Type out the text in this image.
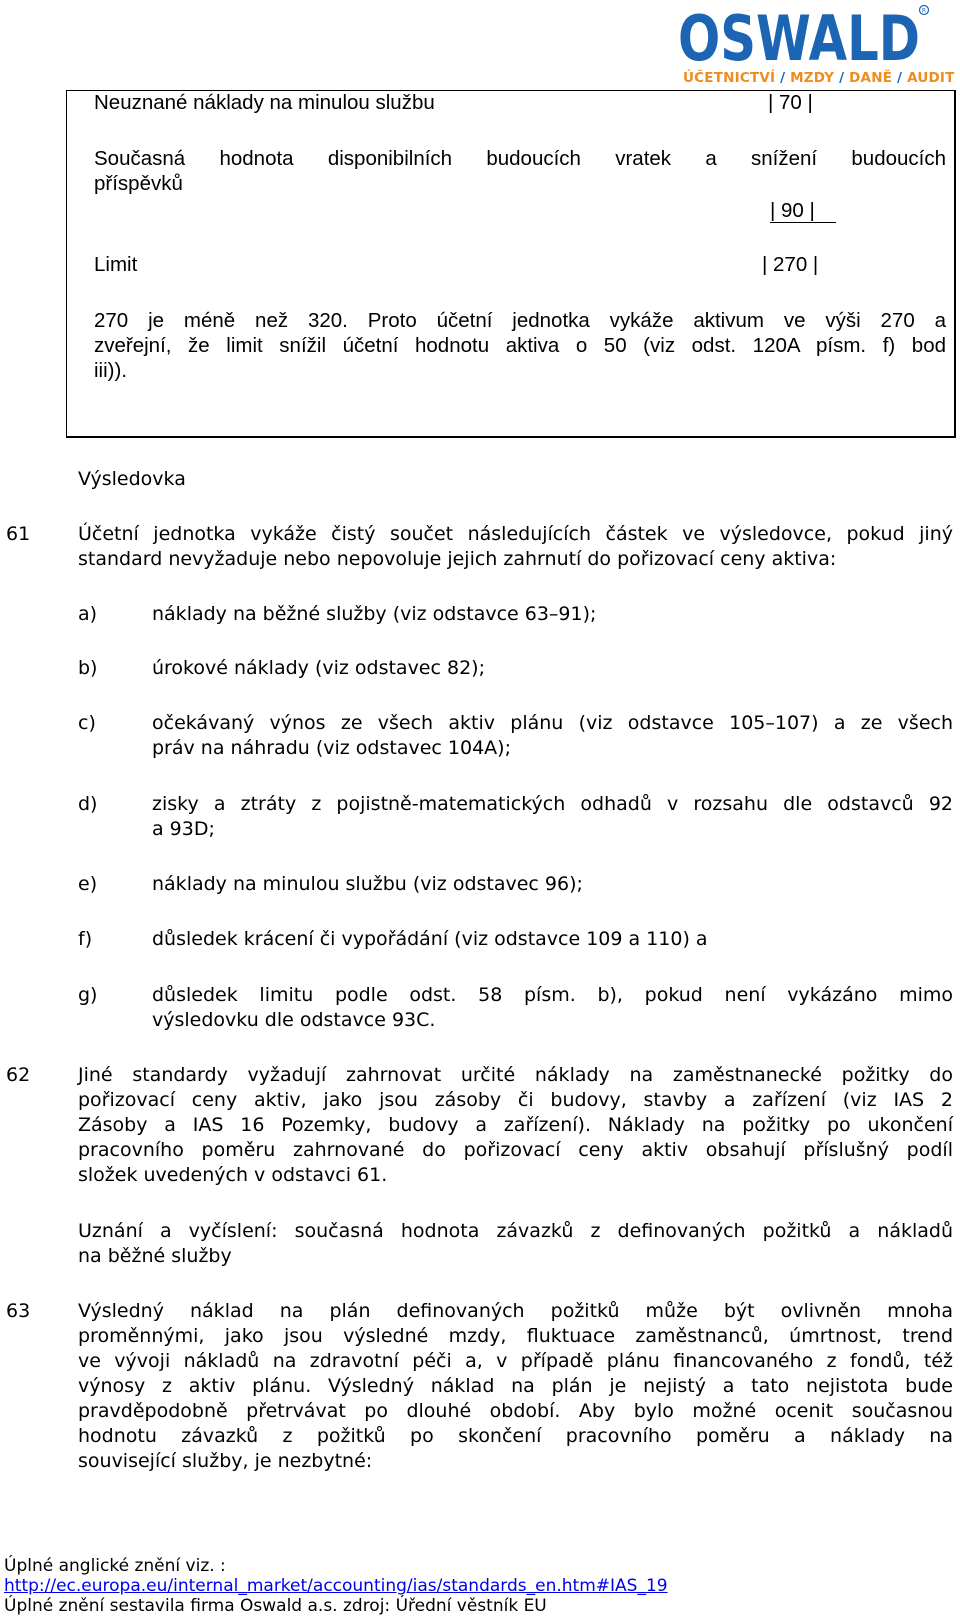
OSWALD R
ÚČETNICTVÍ / MZDY / DANĚ / AUDIT
Neuznané náklady na minulou službu	| 70 |
Současná hodnota disponibilních budoucích vratek a snížení budoucích
příspěvků
| 90 |
Limit	| 270 |
270 je méně než 320. Proto účetní jednotka vykáže aktivum ve výši 270 a
zveřejní, že limit snížil účetní hodnotu aktiva o 50 (viz odst. 120A písm. f) bod
iii)).
Výsledovka
61	Účetní jednotka vykáže čistý součet následujících částek ve výsledovce, pokud jiný
standard nevyžaduje nebo nepovoluje jejich zahrnutí do pořizovací ceny aktiva:
a)	náklady na běžné služby (viz odstavce 63–91);
b)	úrokové náklady (viz odstavec 82);
c)	očekávaný výnos ze všech aktiv plánu (viz odstavce 105–107) a ze všech
práv na náhradu (viz odstavec 104A);
d)	zisky a ztráty z pojistně-matematických odhadů v rozsahu dle odstavců 92
a 93D;
e)	náklady na minulou službu (viz odstavec 96);
f)	důsledek krácení či vypořádání (viz odstavce 109 a 110) a
g)	důsledek limitu podle odst. 58 písm. b), pokud není vykázáno mimo
výsledovku dle odstavce 93C.
62	Jiné standardy vyžadují zahrnovat určité náklady na zaměstnanecké požitky do
pořizovací ceny aktiv, jako jsou zásoby či budovy, stavby a zařízení (viz IAS 2
Zásoby a IAS 16 Pozemky, budovy a zařízení). Náklady na požitky po ukončení
pracovního poměru zahrnované do pořizovací ceny aktiv obsahují příslušný podíl
složek uvedených v odstavci 61.
Uznání a vyčíslení: současná hodnota závazků z definovaných požitků a nákladů
na běžné služby
63	Výsledný náklad na plán definovaných požitků může být ovlivněn mnoha
proměnnými, jako jsou výsledné mzdy, fluktuace zaměstnanců, úmrtnost, trend
ve vývoji nákladů na zdravotní péči a, v případě plánu financovaného z fondů, též
výnosy z aktiv plánu. Výsledný náklad na plán je nejistý a tato nejistota bude
pravděpodobně přetrvávat po dlouhé období. Aby bylo možné ocenit současnou
hodnotu závazků z požitků po skončení pracovního poměru a náklady na
související služby, je nezbytné:
Úplné anglické znění viz. :
http://ec.europa.eu/internal_market/accounting/ias/standards_en.htm#IAS_19
Úplné znění sestavila firma Oswald a.s. zdroj: Úřední věstník EU
